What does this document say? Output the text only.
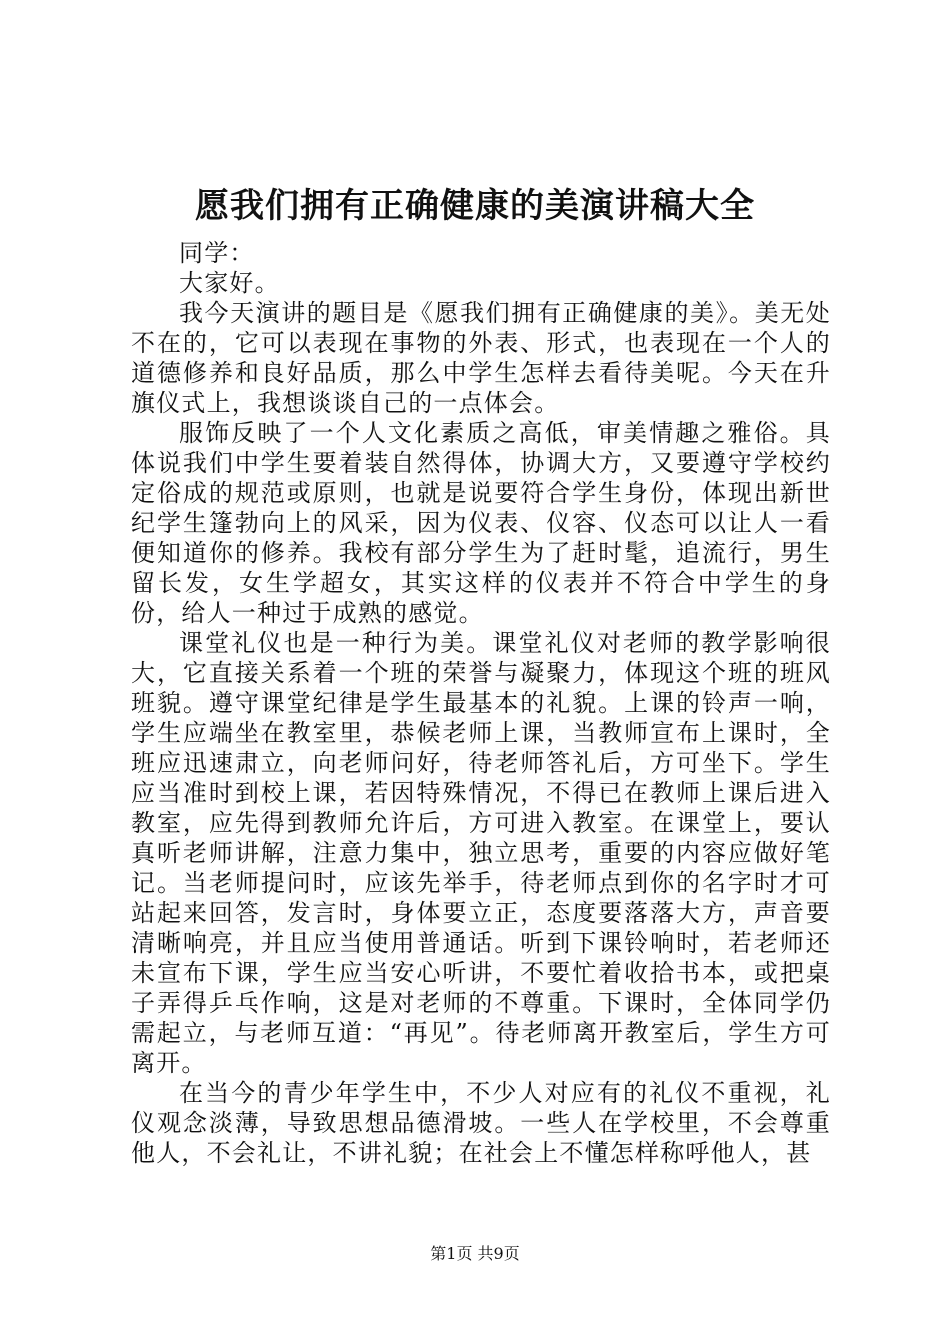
愿我们拥有正确健康的美演讲稿大全

同学：

大家好。

我今天演讲的题目是《愿我们拥有正确健康的美》。美无处不在的，它可以表现在事物的外表、形式，也表现在一个人的道德修养和良好品质，那么中学生怎样去看待美呢。今天在升旗仪式上，我想谈谈自己的一点体会。

服饰反映了一个人文化素质之高低，审美情趣之雅俗。具体说我们中学生要着装自然得体，协调大方，又要遵守学校约定俗成的规范或原则，也就是说要符合学生身份，体现出新世纪学生篷勃向上的风采，因为仪表、仪容、仪态可以让人一看便知道你的修养。我校有部分学生为了赶时髦，追流行，男生留长发，女生学超女，其实这样的仪表并不符合中学生的身份，给人一种过于成熟的感觉。

课堂礼仪也是一种行为美。课堂礼仪对老师的教学影响很大，它直接关系着一个班的荣誉与凝聚力，体现这个班的班风班貌。遵守课堂纪律是学生最基本的礼貌。上课的铃声一响，学生应端坐在教室里，恭候老师上课，当教师宣布上课时，全班应迅速肃立，向老师问好，待老师答礼后，方可坐下。学生应当准时到校上课，若因特殊情况，不得已在教师上课后进入教室，应先得到教师允许后，方可进入教室。在课堂上，要认真听老师讲解，注意力集中，独立思考，重要的内容应做好笔记。当老师提问时，应该先举手，待老师点到你的名字时才可站起来回答，发言时，身体要立正，态度要落落大方，声音要清晰响亮，并且应当使用普通话。听到下课铃响时，若老师还未宣布下课，学生应当安心听讲，不要忙着收拾书本，或把桌子弄得乒乓作响，这是对老师的不尊重。下课时，全体同学仍需起立，与老师互道：“再见”。待老师离开教室后，学生方可离开。

在当今的青少年学生中，不少人对应有的礼仪不重视，礼仪观念淡薄，导致思想品德滑坡。一些人在学校里，不会尊重他人，不会礼让，不讲礼貌；在社会上不懂怎样称呼他人，甚

第1页 共9页
